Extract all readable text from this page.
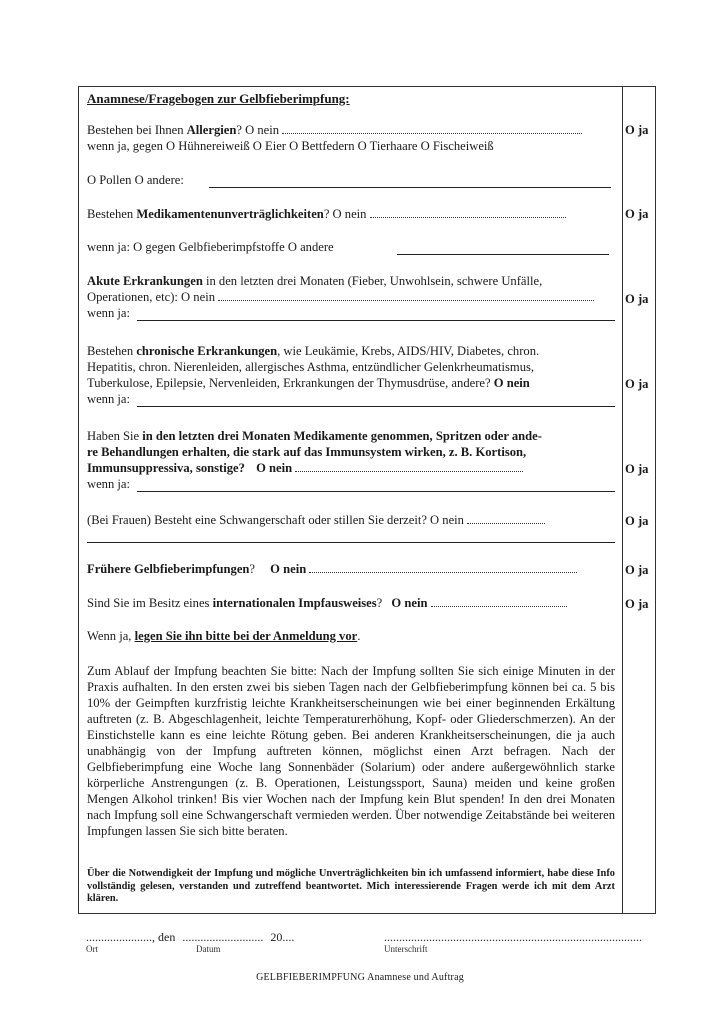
Anamnese/Fragebogen zur Gelbfieberimpfung:
Bestehen bei Ihnen Allergien? O nein	O ja
wenn ja, gegen O Hühnereiweiß O Eier O Bettfedern O Tierhaare O Fischeiweiß
O Pollen O andere:
Bestehen Medikamentenunverträglichkeiten? O nein	O ja
wenn ja: O gegen Gelbfieberimpfstoffe O andere
Akute Erkrankungen in den letzten drei Monaten (Fieber, Unwohlsein, schwere Unfälle,
Operationen, etc): O nein	O ja
wenn ja:
Bestehen chronische Erkrankungen, wie Leukämie, Krebs, AIDS/HIV, Diabetes, chron.
Hepatitis, chron. Nierenleiden, allergisches Asthma, entzündlicher Gelenkrheumatismus,
Tuberkulose, Epilepsie, Nervenleiden, Erkrankungen der Thymusdrüse, andere? O nein	O ja
wenn ja:
Haben Sie in den letzten drei Monaten Medikamente genommen, Spritzen oder ande-
re Behandlungen erhalten, die stark auf das Immunsystem wirken, z. B. Kortison,
Immunsuppressiva, sonstige? O nein	O ja
wenn ja:
(Bei Frauen) Besteht eine Schwangerschaft oder stillen Sie derzeit? O nein	O ja
Frühere Gelbfieberimpfungen? O nein	O ja
Sind Sie im Besitz eines internationalen Impfausweises? O nein	O ja
Wenn ja, legen Sie ihn bitte bei der Anmeldung vor.
Zum Ablauf der Impfung beachten Sie bitte: Nach der Impfung sollten Sie sich einige Minuten in der Praxis aufhalten. In den ersten zwei bis sieben Tagen nach der Gelbfieberimpfung können bei ca. 5 bis 10% der Geimpften kurzfristig leichte Krankheitserscheinungen wie bei einer beginnenden Erkältung auftreten (z. B. Abgeschlagenheit, leichte Temperaturerhöhung, Kopf- oder Gliederschmerzen). An der Einstichstelle kann es eine leichte Rötung geben. Bei anderen Krankheitserscheinungen, die ja auch unabhängig von der Impfung auftreten können, möglichst einen Arzt befragen. Nach der Gelbfieberimpfung eine Woche lang Sonnenbäder (Solarium) oder andere außergewöhnlich starke körperliche Anstrengungen (z. B. Operationen, Leistungssport, Sauna) meiden und keine großen Mengen Alkohol trinken! Bis vier Wochen nach der Impfung kein Blut spenden! In den drei Monaten nach Impfung soll eine Schwangerschaft vermieden werden. Über notwendige Zeitabstände bei weiteren Impfungen lassen Sie sich bitte beraten.
Über die Notwendigkeit der Impfung und mögliche Unverträglichkeiten bin ich umfassend informiert, habe diese Info vollständig gelesen, verstanden und zutreffend beantwortet. Mich interessierende Fragen werde ich mit dem Arzt klären.
......................, den ........................... 20....	......................................................................................
Ort	Datum	Unterschrift
GELBFIEBERIMPFUNG Anamnese und Auftrag
